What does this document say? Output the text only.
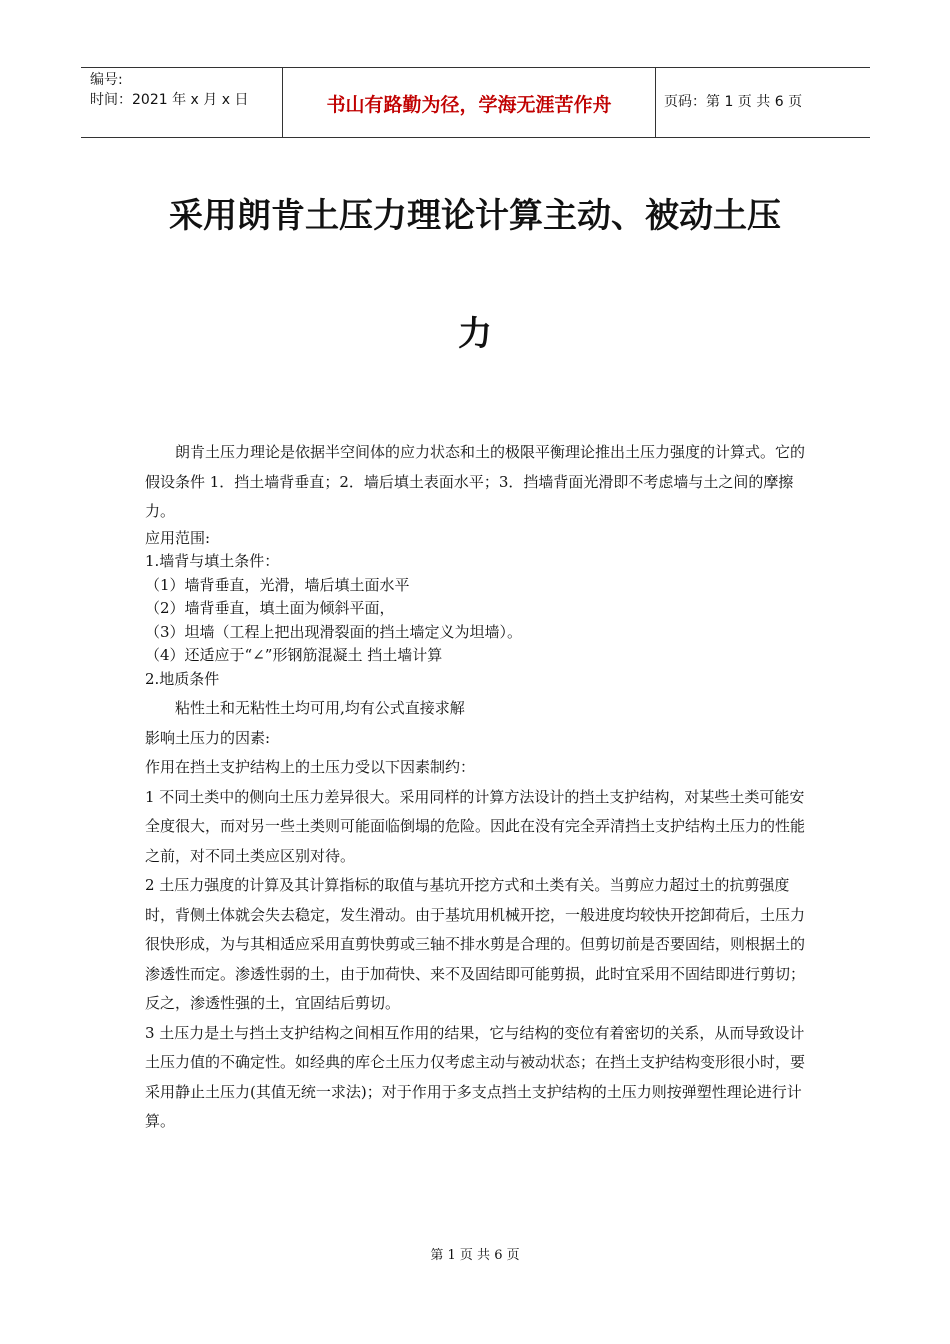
编号:
时间：2021 年 x 月 x 日	书山有路勤为径，学海无涯苦作舟	页码：第 1 页 共 6 页
采用朗肯土压力理论计算主动、被动土压
力

朗肯土压力理论是依据半空间体的应力状态和土的极限平衡理论推出土压力强度的计算式。它的假设条件 1．挡土墙背垂直；2．墙后填土表面水平；3．挡墙背面光滑即不考虑墙与土之间的摩擦力。

应用范围:

1.墙背与填土条件：

（1）墙背垂直，光滑，墙后填土面水平

（2）墙背垂直，填土面为倾斜平面，

（3）坦墙（工程上把出现滑裂面的挡土墙定义为坦墙）。

（4）还适应于“∠”形钢筋混凝土 挡土墙计算

2.地质条件

粘性土和无粘性土均可用,均有公式直接求解

影响土压力的因素:

作用在挡土支护结构上的土压力受以下因素制约：

1 不同土类中的侧向土压力差异很大。采用同样的计算方法设计的挡土支护结构，对某些土类可能安全度很大，而对另一些土类则可能面临倒塌的危险。因此在没有完全弄清挡土支护结构土压力的性能之前，对不同土类应区别对待。

2 土压力强度的计算及其计算指标的取值与基坑开挖方式和土类有关。当剪应力超过土的抗剪强度时，背侧土体就会失去稳定，发生滑动。由于基坑用机械开挖，一般进度均较快开挖卸荷后，土压力很快形成，为与其相适应采用直剪快剪或三轴不排水剪是合理的。但剪切前是否要固结，则根据土的渗透性而定。渗透性弱的土，由于加荷快、来不及固结即可能剪损，此时宜采用不固结即进行剪切；反之，渗透性强的土，宜固结后剪切。

3 土压力是土与挡土支护结构之间相互作用的结果，它与结构的变位有着密切的关系，从而导致设计土压力值的不确定性。如经典的库仑土压力仅考虑主动与被动状态；在挡土支护结构变形很小时，要采用静止土压力(其值无统一求法)；对于作用于多支点挡土支护结构的土压力则按弹塑性理论进行计算。

第 1 页 共 6 页
